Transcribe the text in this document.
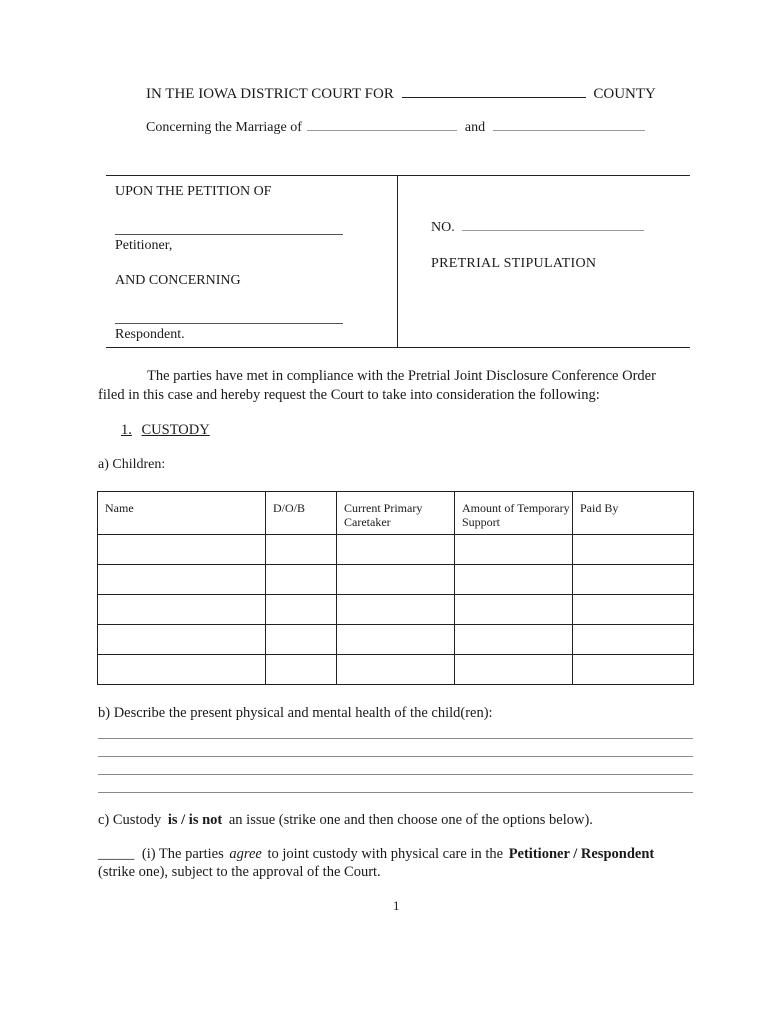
IN THE IOWA DISTRICT COURT FOR	COUNTY
Concerning the Marriage of	and
UPON THE PETITION OF
Petitioner,
AND CONCERNING
Respondent.
NO.
PRETRIAL STIPULATION
The parties have met in compliance with the Pretrial Joint Disclosure Conference Order
filed in this case and hereby request the Court to take into consideration the following:
1. CUSTODY
a) Children:
Name	D/O/B	Current Primary Caretaker	Amount of Temporary Support	Paid By

b) Describe the present physical and mental health of the child(ren):
c) Custody is / is not an issue (strike one and then choose one of the options below).
_____ (i) The parties agree to joint custody with physical care in the Petitioner / Respondent
(strike one), subject to the approval of the Court.
1
